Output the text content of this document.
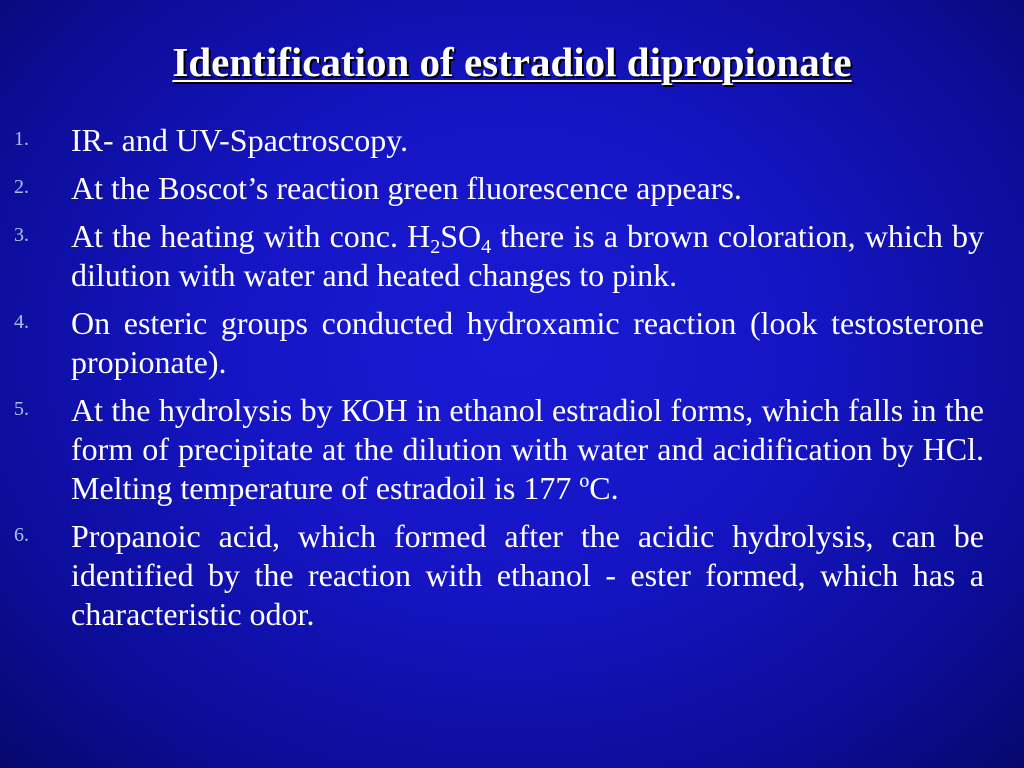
Identification of estradiol dipropionate
1. IR- and UV-Spactroscopy.
2. At the Boscot’s reaction green fluorescence appears.
3. At the heating with conc. $H_2SO_4$ there is a brown coloration, which by dilution with water and heated changes to pink.
4. On esteric groups conducted hydroxamic reaction (look testosterone propionate).
5. At the hydrolysis by КОН in ethanol estradiol forms, which falls in the form of precipitate at the dilution with water and acidification by HCl. Melting temperature of estradoil is 177 ºC.
6. Propanoic acid, which formed after the acidic hydrolysis, can be identified by the reaction with ethanol - ester formed, which has a characteristic odor.
